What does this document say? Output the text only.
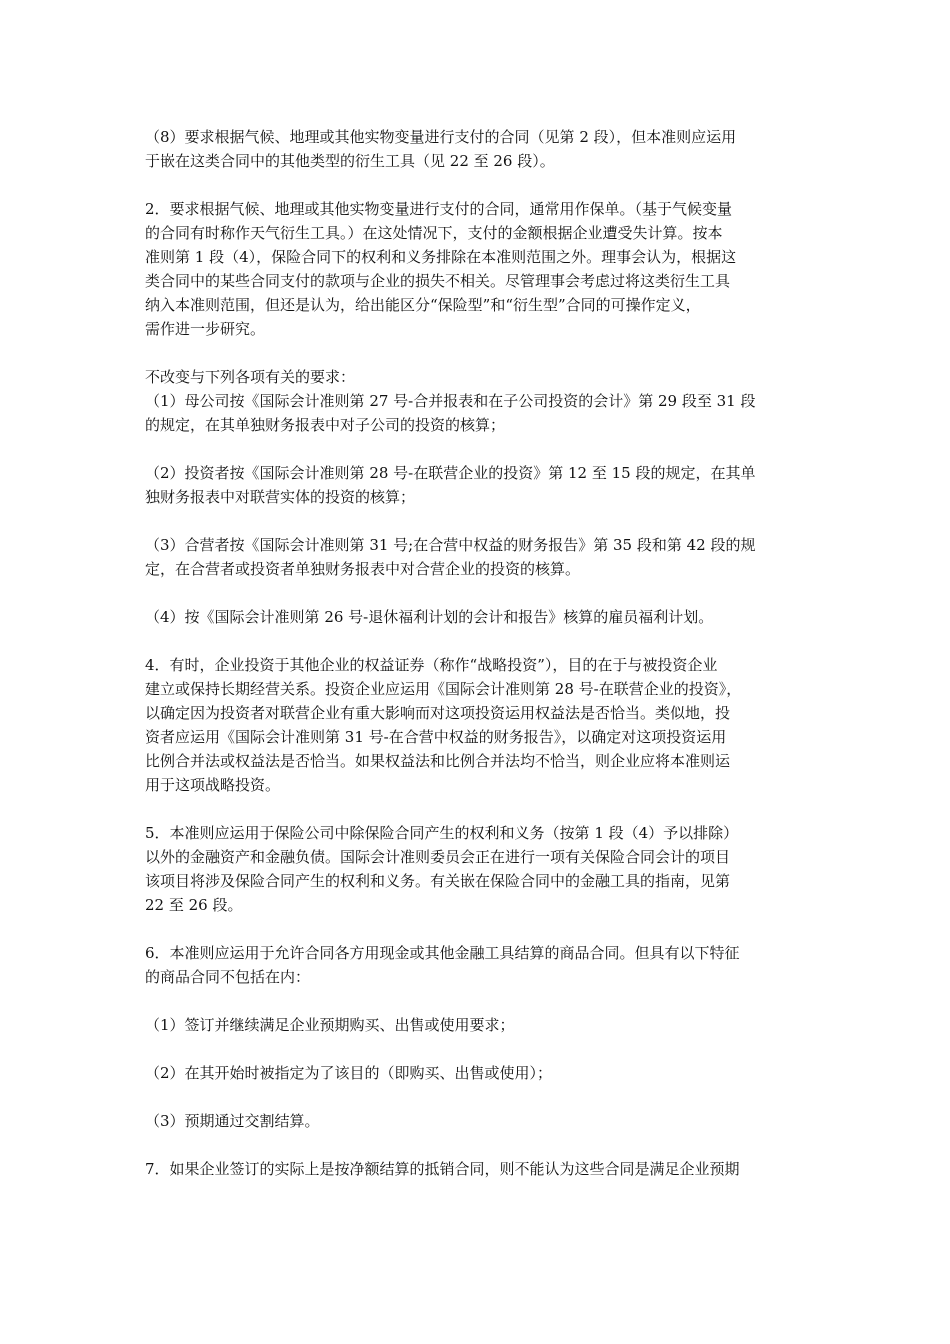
（8）要求根据气候、地理或其他实物变量进行支付的合同（见第 2 段），但本准则应运用
于嵌在这类合同中的其他类型的衍生工具（见 22 至 26 段）。

2．要求根据气候、地理或其他实物变量进行支付的合同，通常用作保单。（基于气候变量
的合同有时称作天气衍生工具。）在这处情况下，支付的金额根据企业遭受失计算。按本
准则第 1 段（4），保险合同下的权利和义务排除在本准则范围之外。理事会认为，根据这
类合同中的某些合同支付的款项与企业的损失不相关。尽管理事会考虑过将这类衍生工具
纳入本准则范围，但还是认为，给出能区分“保险型”和“衍生型”合同的可操作定义，
需作进一步研究。

不改变与下列各项有关的要求：

（1）母公司按《国际会计准则第 27 号-合并报表和在子公司投资的会计》第 29 段至 31 段
的规定，在其单独财务报表中对子公司的投资的核算；

（2）投资者按《国际会计准则第 28 号-在联营企业的投资》第 12 至 15 段的规定，在其单
独财务报表中对联营实体的投资的核算；

（3）合营者按《国际会计准则第 31 号;在合营中权益的财务报告》第 35 段和第 42 段的规
定，在合营者或投资者单独财务报表中对合营企业的投资的核算。

（4）按《国际会计准则第 26 号-退休福利计划的会计和报告》核算的雇员福利计划。

4．有时，企业投资于其他企业的权益证券（称作“战略投资”），目的在于与被投资企业
建立或保持长期经营关系。投资企业应运用《国际会计准则第 28 号-在联营企业的投资》，
以确定因为投资者对联营企业有重大影响而对这项投资运用权益法是否恰当。类似地，投
资者应运用《国际会计准则第 31 号-在合营中权益的财务报告》，以确定对这项投资运用
比例合并法或权益法是否恰当。如果权益法和比例合并法均不恰当，则企业应将本准则运
用于这项战略投资。

5．本准则应运用于保险公司中除保险合同产生的权利和义务（按第 1 段（4）予以排除）
以外的金融资产和金融负债。国际会计准则委员会正在进行一项有关保险合同会计的项目
该项目将涉及保险合同产生的权利和义务。有关嵌在保险合同中的金融工具的指南，见第
22 至 26 段。

6．本准则应运用于允许合同各方用现金或其他金融工具结算的商品合同。但具有以下特征
的商品合同不包括在内：

（1）签订并继续满足企业预期购买、出售或使用要求；

（2）在其开始时被指定为了该目的（即购买、出售或使用）；

（3）预期通过交割结算。

7．如果企业签订的实际上是按净额结算的抵销合同，则不能认为这些合同是满足企业预期
